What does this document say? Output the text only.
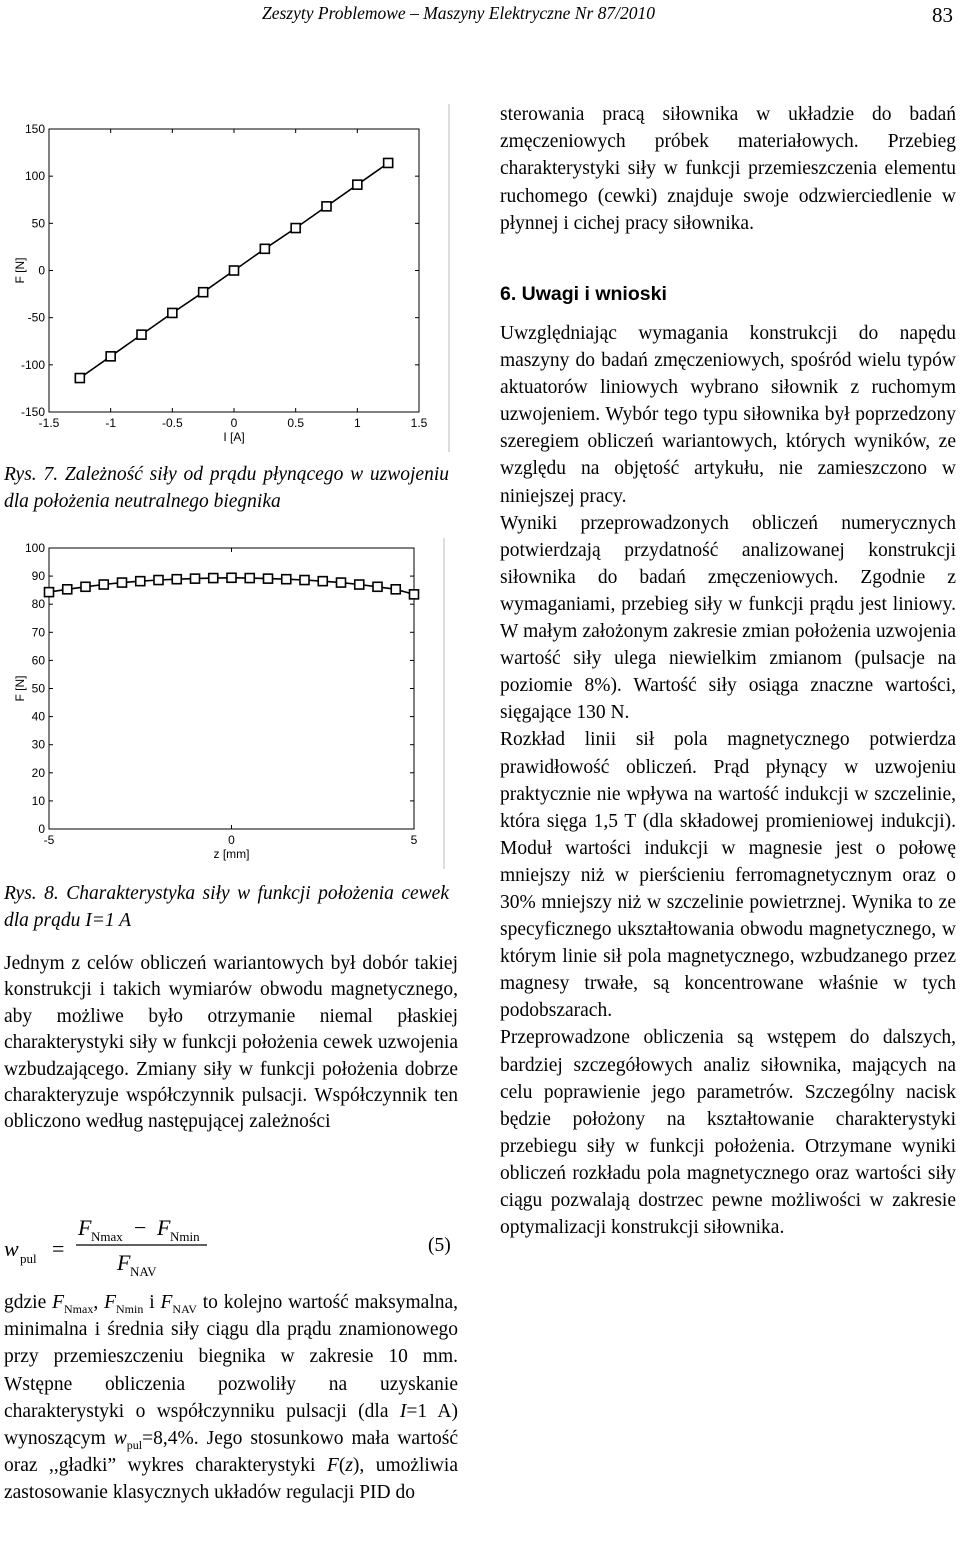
Zeszyty Problemowe – Maszyny Elektryczne Nr 87/2010	83
-1.5	-1	-0.5	0	0.5	1	1.5
150
100
50
0
-50
-100
-150
I [A]
F [N]
Rys. 7. Zależność siły od prądu płynącego w uzwojeniu dla położenia neutralnego biegnika
-5	0	5
100
90
80
70
60
50
40
30
20
10
0
z [mm]
F [N]
Rys. 8. Charakterystyka siły w funkcji położenia cewek dla prądu I=1 A

Jednym z celów obliczeń wariantowych był dobór takiej konstrukcji i takich wymiarów obwodu magnetycznego, aby możliwe było otrzymanie niemal płaskiej charakterystyki siły w funkcji położenia cewek uzwojenia wzbudzającego. Zmiany siły w funkcji położenia dobrze charakteryzuje współczynnik pulsacji. Współczynnik ten obliczono według następującej zależności

w pul =
F Nmax − F Nmin
F NAV
(5)

gdzie $F_{Nmax}$, $F_{Nmin}$ i $F_{NAV}$ to kolejno wartość maksymalna, minimalna i średnia siły ciągu dla prądu znamionowego przy przemieszczeniu biegnika w zakresie 10 mm. Wstępne obliczenia pozwoliły na uzyskanie charakterystyki o współczynniku pulsacji (dla I=1 A) wynoszącym $w_{pul}=8,4\%$. Jego stosunkowo mała wartość oraz ,,gładki” wykres charakterystyki F(z), umożliwia zastosowanie klasycznych układów regulacji PID do

sterowania pracą siłownika w układzie do badań zmęczeniowych próbek materiałowych. Przebieg charakterystyki siły w funkcji przemieszczenia elementu ruchomego (cewki) znajduje swoje odzwierciedlenie w płynnej i cichej pracy siłownika.

6. Uwagi i wnioski

Uwzględniając wymagania konstrukcji do napędu maszyny do badań zmęczeniowych, spośród wielu typów aktuatorów liniowych wybrano siłownik z ruchomym uzwojeniem. Wybór tego typu siłownika był poprzedzony szeregiem obliczeń wariantowych, których wyników, ze względu na objętość artykułu, nie zamieszczono w niniejszej pracy.

Wyniki przeprowadzonych obliczeń numerycznych potwierdzają przydatność analizowanej konstrukcji siłownika do badań zmęczeniowych. Zgodnie z wymaganiami, przebieg siły w funkcji prądu jest liniowy. W małym założonym zakresie zmian położenia uzwojenia wartość siły ulega niewielkim zmianom (pulsacje na poziomie 8%). Wartość siły osiąga znaczne wartości, sięgające 130 N.

Rozkład linii sił pola magnetycznego potwierdza prawidłowość obliczeń. Prąd płynący w uzwojeniu praktycznie nie wpływa na wartość indukcji w szczelinie, która sięga 1,5 T (dla składowej promieniowej indukcji). Moduł wartości indukcji w magnesie jest o połowę mniejszy niż w pierścieniu ferromagnetycznym oraz o 30% mniejszy niż w szczelinie powietrznej. Wynika to ze specyficznego ukształtowania obwodu magnetycznego, w którym linie sił pola magnetycznego, wzbudzanego przez magnesy trwałe, są koncentrowane właśnie w tych podobszarach.

Przeprowadzone obliczenia są wstępem do dalszych, bardziej szczegółowych analiz siłownika, mających na celu poprawienie jego parametrów. Szczególny nacisk będzie położony na kształtowanie charakterystyki przebiegu siły w funkcji położenia. Otrzymane wyniki obliczeń rozkładu pola magnetycznego oraz wartości siły ciągu pozwalają dostrzec pewne możliwości w zakresie optymalizacji konstrukcji siłownika.
